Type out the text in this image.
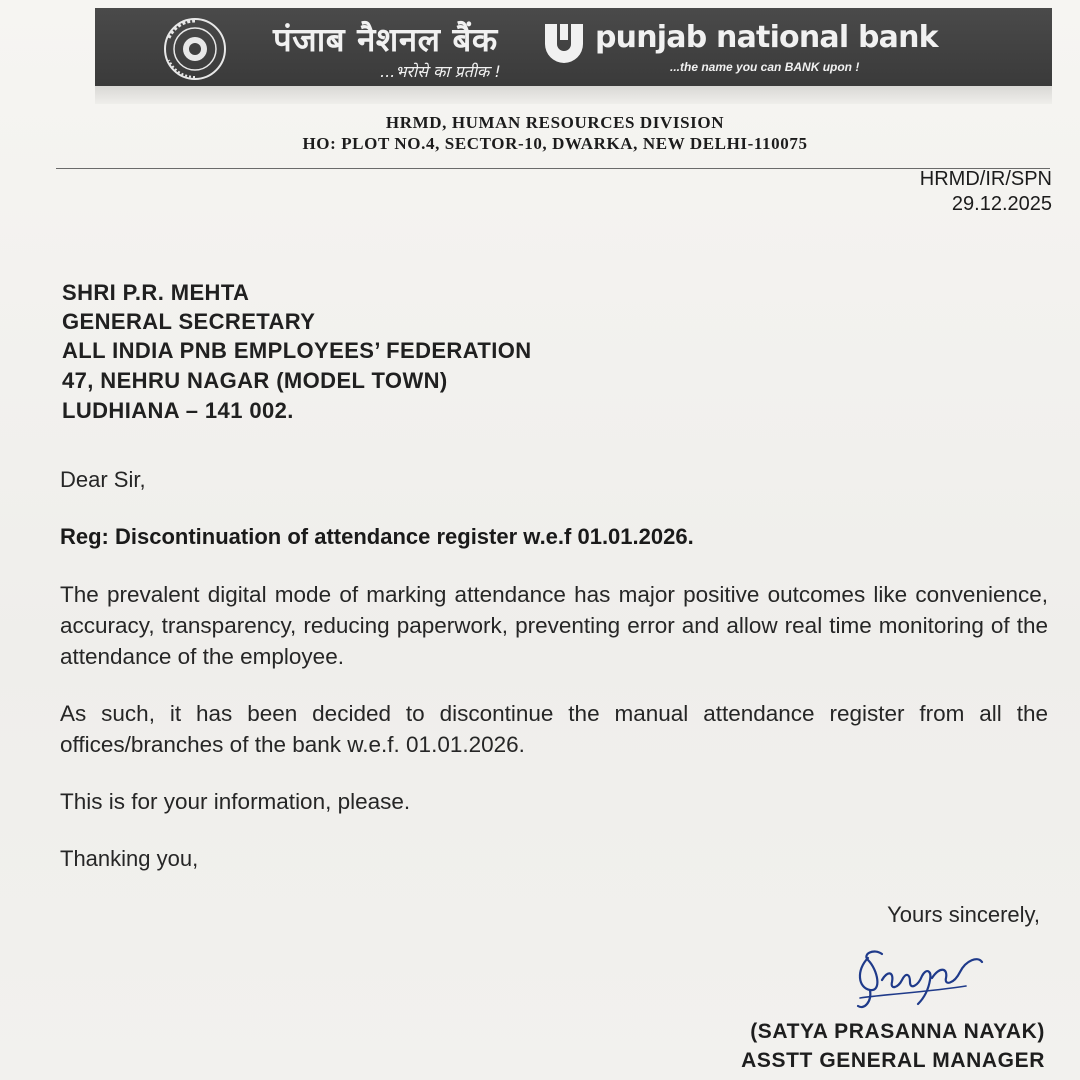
पंजाब नैशनल बैंक
...भरोसे का प्रतीक !
punjab national bank
...the name you can BANK upon !
HRMD, HUMAN RESOURCES DIVISION
HO: PLOT NO.4, SECTOR-10, DWARKA, NEW DELHI-110075
HRMD/IR/SPN
29.12.2025
SHRI P.R. MEHTA
GENERAL SECRETARY
ALL INDIA PNB EMPLOYEES’ FEDERATION
47, NEHRU NAGAR (MODEL TOWN)
LUDHIANA – 141 002.
Dear Sir,
Reg: Discontinuation of attendance register w.e.f 01.01.2026.
The prevalent digital mode of marking attendance has major positive outcomes like convenience, accuracy, transparency, reducing paperwork, preventing error and allow real time monitoring of the attendance of the employee.
As such, it has been decided to discontinue the manual attendance register from all the offices/branches of the bank w.e.f. 01.01.2026.
This is for your information, please.
Thanking you,
Yours sincerely,
(SATYA PRASANNA NAYAK)
ASSTT GENERAL MANAGER
